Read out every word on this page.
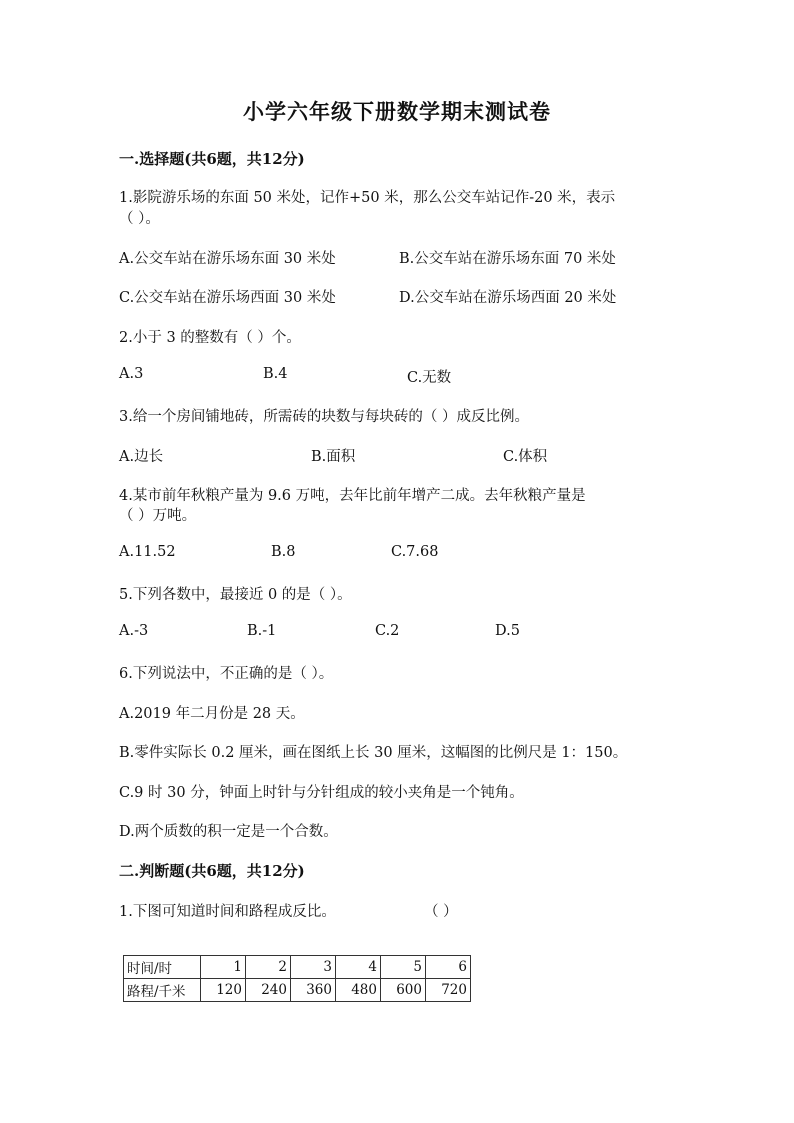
小学六年级下册数学期末测试卷
一.选择题(共6题，共12分)
1.影院游乐场的东面 50 米处，记作+50 米，那么公交车站记作-20 米，表示
（ ）。
A.公交车站在游乐场东面 30 米处	B.公交车站在游乐场东面 70 米处
C.公交车站在游乐场西面 30 米处	D.公交车站在游乐场西面 20 米处
2.小于 3 的整数有（ ）个。
A.3	B.4	C.无数
3.给一个房间铺地砖，所需砖的块数与每块砖的（ ）成反比例。
A.边长	B.面积	C.体积
4.某市前年秋粮产量为 9.6 万吨，去年比前年增产二成。去年秋粮产量是
（ ）万吨。
A.11.52	B.8	C.7.68
5.下列各数中，最接近 0 的是（ ）。
A.-3	B.-1	C.2	D.5
6.下列说法中，不正确的是（ ）。
A.2019 年二月份是 28 天。
B.零件实际长 0.2 厘米，画在图纸上长 30 厘米，这幅图的比例尺是 1：150。
C.9 时 30 分，钟面上时针与分针组成的较小夹角是一个钝角。
D.两个质数的积一定是一个合数。
二.判断题(共6题，共12分)
1.下图可知道时间和路程成反比。	（ ）
时间/时	1	2	3	4	5	6
路程/千米	120	240	360	480	600	720
